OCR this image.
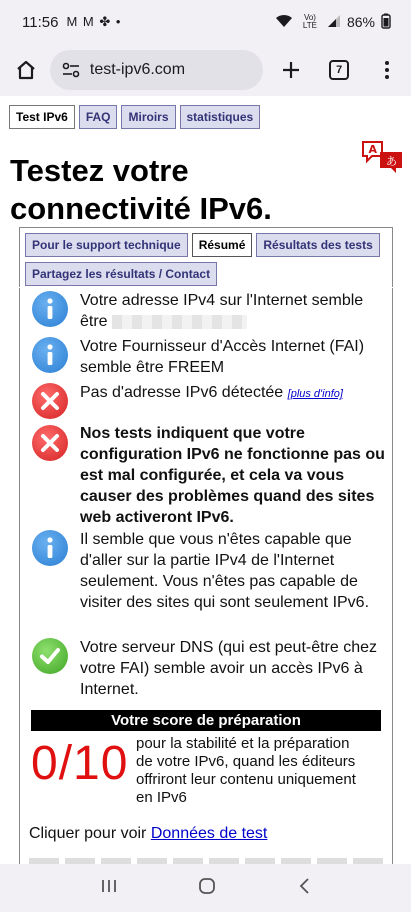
11:56 M M ✤ •	Vo) LTE 86%
test-ipv6.com	7
Test IPv6	FAQ	Miroirs	statistiques
A
あ
Testez votre connectivité IPv6.
Pour le support technique	Résumé	Résultats des tests
Partagez les résultats / Contact
Votre adresse IPv4 sur l'Internet semble être
Votre Fournisseur d'Accès Internet (FAI) semble être FREEM
Pas d'adresse IPv6 détectée [plus d'info]
Nos tests indiquent que votre configuration IPv6 ne fonctionne pas ou est mal configurée, et cela va vous causer des problèmes quand des sites web activeront IPv6.
Il semble que vous n'êtes capable que d'aller sur la partie IPv4 de l'Internet seulement. Vous n'êtes pas capable de visiter des sites qui sont seulement IPv6.
Votre serveur DNS (qui est peut-être chez votre FAI) semble avoir un accès IPv6 à Internet.
Votre score de préparation
0/10 pour la stabilité et la préparation de votre IPv6, quand les éditeurs offriront leur contenu uniquement en IPv6
Cliquer pour voir Données de test
